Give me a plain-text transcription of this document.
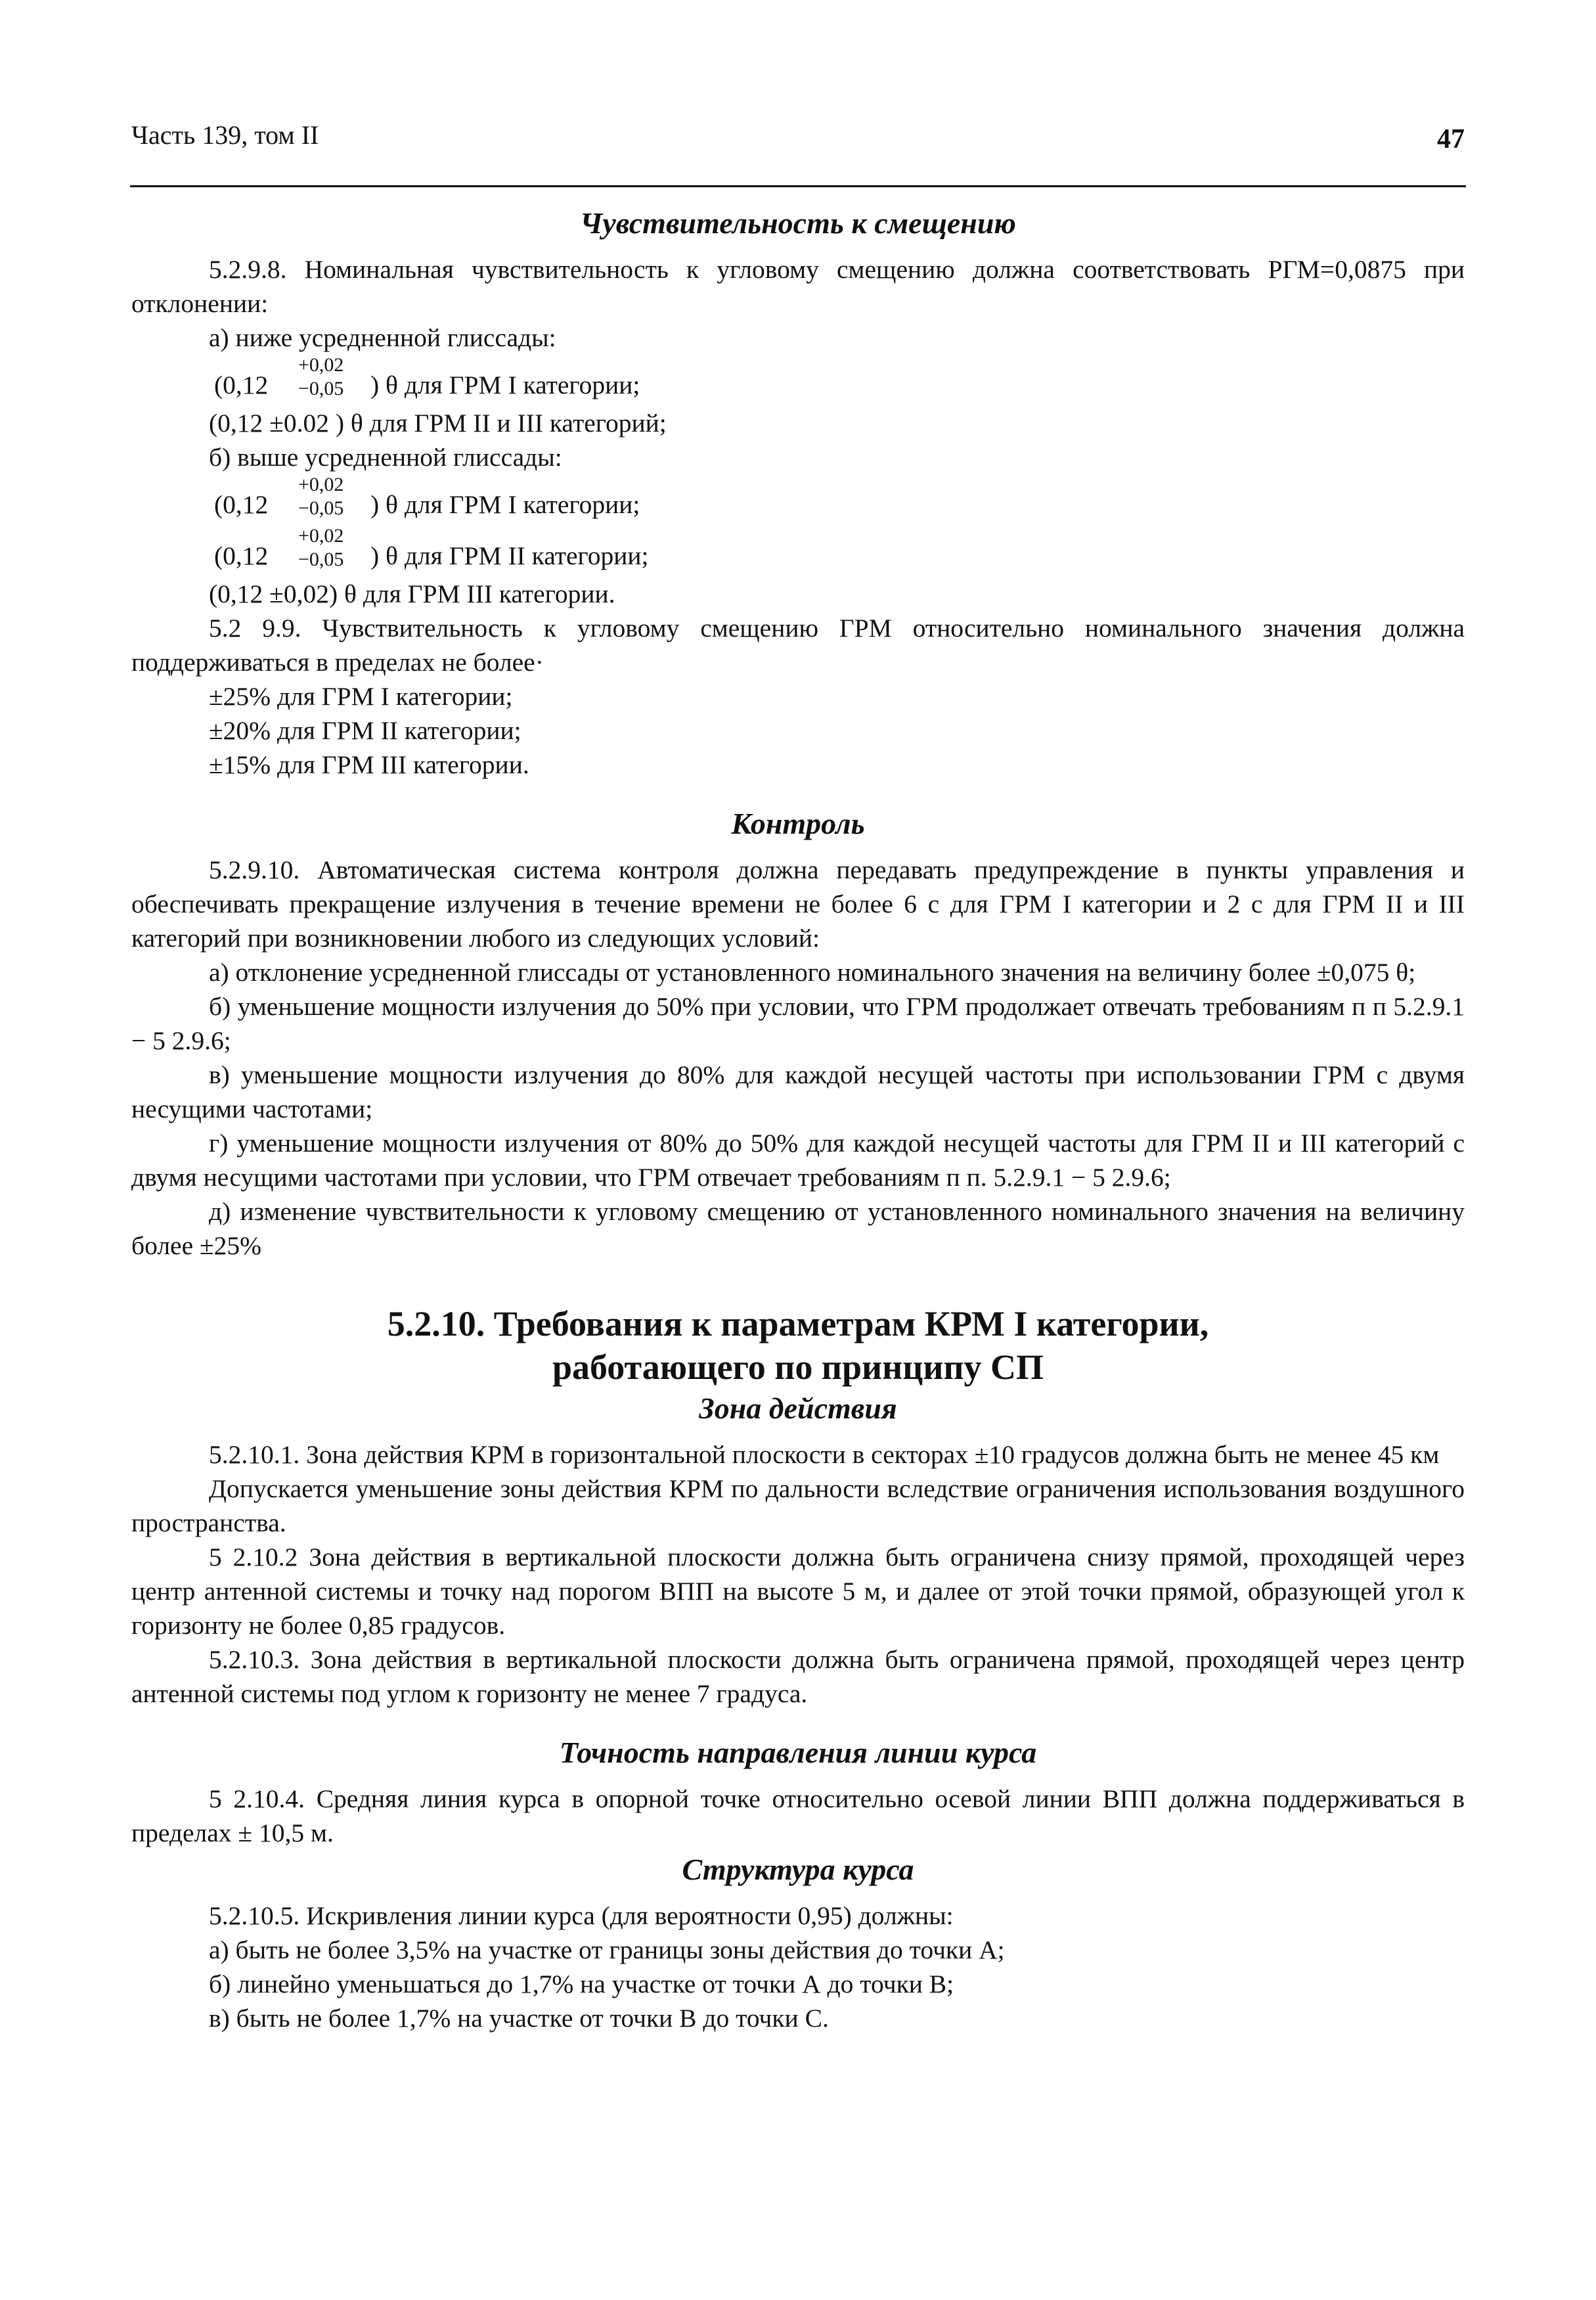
Часть 139, том II	47
Чувствительность к смещению

5.2.9.8. Номинальная чувствительность к угловому смещению должна соответствовать РГМ=0,0875 при отклонении:

а) ниже усредненной глиссады:
(0,12
+0,02
−0,05 ) θ для ГРМ I категории;
(0,12 ±0.02 ) θ для ГРМ II и III категорий;
б) выше усредненной глиссады:
(0,12
+0,02
−0,05 ) θ для ГРМ I категории;
(0,12
+0,02
−0,05 ) θ для ГРМ II категории;
(0,12 ±0,02) θ для ГРМ III категории.

5.2 9.9. Чувствительность к угловому смещению ГРМ относительно номинального значения должна поддерживаться в пределах не более·

±25% для ГРМ I категории;
±20% для ГРМ II категории;
±15% для ГРМ III категории.
Контроль

5.2.9.10. Автоматическая система контроля должна передавать предупреждение в пункты управления и обеспечивать прекращение излучения в течение времени не более 6 с для ГРМ I категории и 2 с для ГРМ II и III категорий при возникновении любого из следующих условий:

а) отклонение усредненной глиссады от установленного номинального значения на величину более ±0,075 θ;

б) уменьшение мощности излучения до 50% при условии, что ГРМ продолжает отвечать требованиям п п 5.2.9.1 − 5 2.9.6;

в) уменьшение мощности излучения до 80% для каждой несущей частоты при использовании ГРМ с двумя несущими частотами;

г) уменьшение мощности излучения от 80% до 50% для каждой несущей частоты для ГРМ II и III категорий с двумя несущими частотами при условии, что ГРМ отвечает требованиям п п. 5.2.9.1 − 5 2.9.6;

д) изменение чувствительности к угловому смещению от установленного номинального значения на величину более ±25%

5.2.10. Требования к параметрам КРМ I категории,
работающего по принципу СП
Зона действия

5.2.10.1. Зона действия КРМ в горизонтальной плоскости в секторах ±10 градусов должна быть не менее 45 км

Допускается уменьшение зоны действия КРМ по дальности вследствие ограничения использования воздушного пространства.

5 2.10.2 Зона действия в вертикальной плоскости должна быть ограничена снизу прямой, проходящей через центр антенной системы и точку над порогом ВПП на высоте 5 м, и далее от этой точки прямой, образующей угол к горизонту не более 0,85 градусов.

5.2.10.3. Зона действия в вертикальной плоскости должна быть ограничена прямой, проходящей через центр антенной системы под углом к горизонту не менее 7 градуса.

Точность направления линии курса

5 2.10.4. Средняя линия курса в опорной точке относительно осевой линии ВПП должна поддерживаться в пределах ± 10,5 м.

Структура курса

5.2.10.5. Искривления линии курса (для вероятности 0,95) должны:

а) быть не более 3,5% на участке от границы зоны действия до точки А;
б) линейно уменьшаться до 1,7% на участке от точки А до точки В;
в) быть не более 1,7% на участке от точки В до точки С.
